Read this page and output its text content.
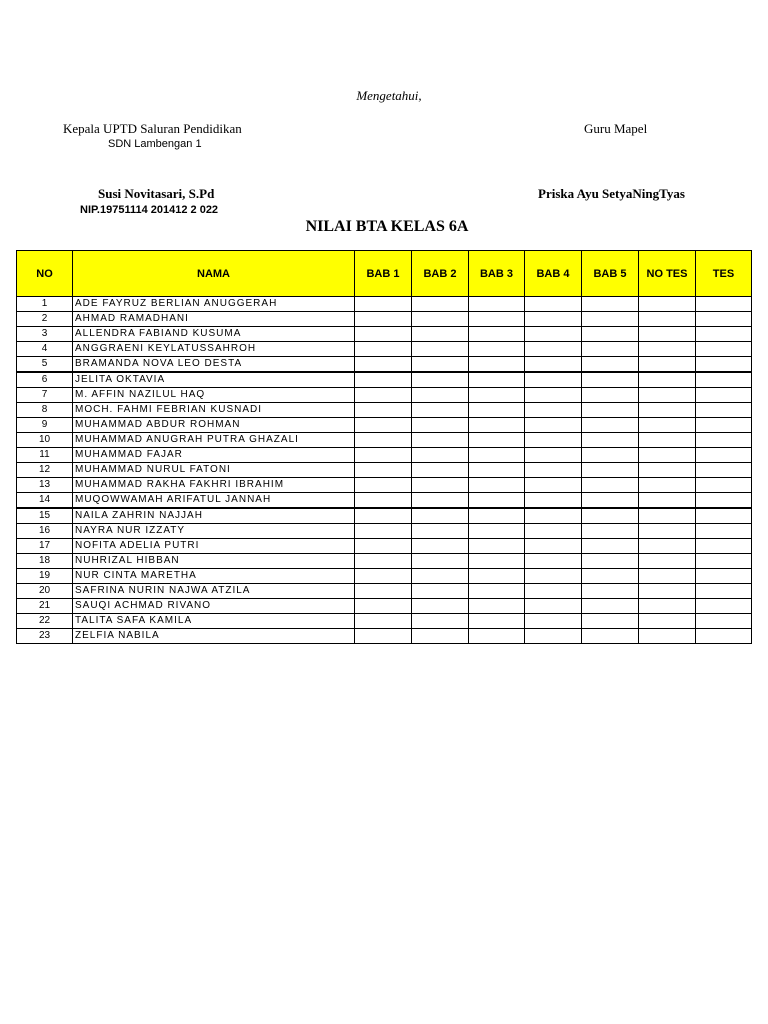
Mengetahui,
Kepala UPTD Saluran Pendidikan
SDN Lambengan 1
Guru Mapel
Susi Novitasari, S.Pd
NIP.19751114 201412 2 022
Priska Ayu SetyaNingTyas
NILAI BTA KELAS 6A
NO	NAMA	BAB 1	BAB 2	BAB 3	BAB 4	BAB 5	NO TES	TES
1	ADE FAYRUZ BERLIAN ANUGGERAH							
2	AHMAD RAMADHANI							
3	ALLENDRA FABIAND KUSUMA							
4	ANGGRAENI KEYLATUSSAHROH							
5	BRAMANDA NOVA LEO DESTA							
6	JELITA OKTAVIA							
7	M. AFFIN NAZILUL HAQ							
8	MOCH. FAHMI FEBRIAN KUSNADI							
9	MUHAMMAD ABDUR ROHMAN							
10	MUHAMMAD ANUGRAH PUTRA GHAZALI							
11	MUHAMMAD FAJAR							
12	MUHAMMAD NURUL FATONI							
13	MUHAMMAD RAKHA FAKHRI IBRAHIM							
14	MUQOWWAMAH ARIFATUL JANNAH							
15	NAILA ZAHRIN NAJJAH							
16	NAYRA NUR IZZATY							
17	NOFITA ADELIA PUTRI							
18	NUHRIZAL HIBBAN							
19	NUR CINTA MARETHA							
20	SAFRINA NURIN NAJWA ATZILA							
21	SAUQI ACHMAD RIVANO							
22	TALITA SAFA KAMILA							
23	ZELFIA NABILA							
